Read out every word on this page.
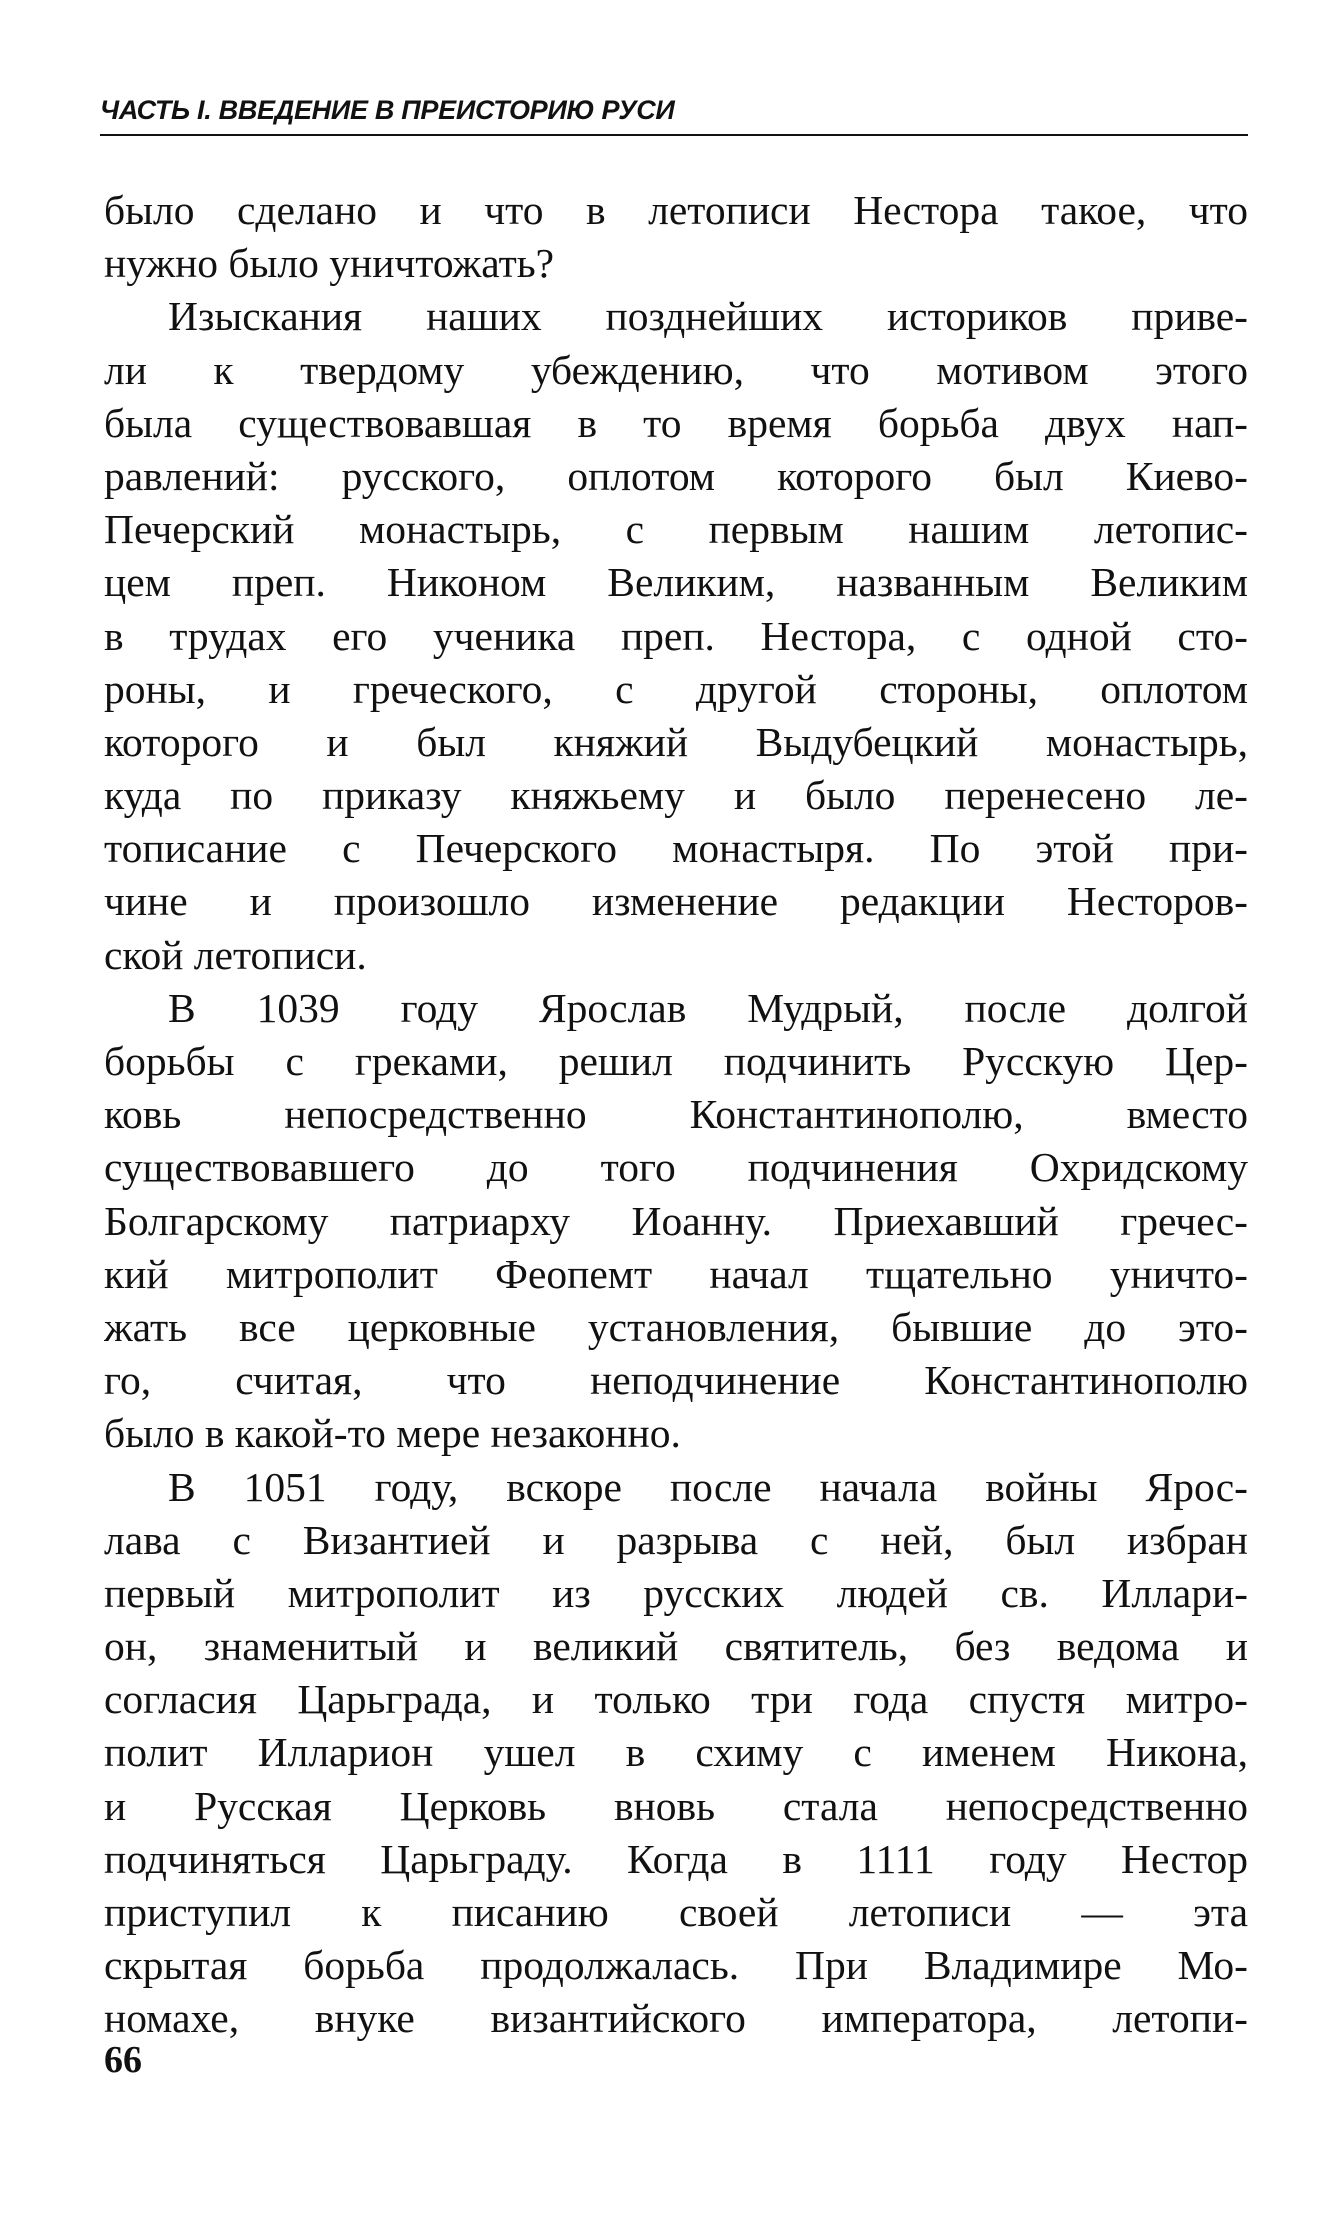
ЧАСТЬ I. ВВЕДЕНИЕ В ПРЕИСТОРИЮ РУСИ
было сделано и что в летописи Нестора такое, что
нужно было уничтожать?
Изыскания наших позднейших историков приве-
ли к твердому убеждению, что мотивом этого
была существовавшая в то время борьба двух нап-
равлений: русского, оплотом которого был Киево-
Печерский монастырь, с первым нашим летопис-
цем преп. Никоном Великим, названным Великим
в трудах его ученика преп. Нестора, с одной сто-
роны, и греческого, с другой стороны, оплотом
которого и был княжий Выдубецкий монастырь,
куда по приказу княжьему и было перенесено ле-
тописание с Печерского монастыря. По этой при-
чине и произошло изменение редакции Несторов-
ской летописи.
В 1039 году Ярослав Мудрый, после долгой
борьбы с греками, решил подчинить Русскую Цер-
ковь непосредственно Константинополю, вместо
существовавшего до того подчинения Охридскому
Болгарскому патриарху Иоанну. Приехавший гречес-
кий митрополит Феопемт начал тщательно уничто-
жать все церковные установления, бывшие до это-
го, считая, что неподчинение Константинополю
было в какой-то мере незаконно.
В 1051 году, вскоре после начала войны Ярос-
лава с Византией и разрыва с ней, был избран
первый митрополит из русских людей св. Иллари-
он, знаменитый и великий святитель, без ведома и
согласия Царьграда, и только три года спустя митро-
полит Илларион ушел в схиму с именем Никона,
и Русская Церковь вновь стала непосредственно
подчиняться Царьграду. Когда в 1111 году Нестор
приступил к писанию своей летописи — эта
скрытая борьба продолжалась. При Владимире Мо-
номахе, внуке византийского императора, летопи-
66
